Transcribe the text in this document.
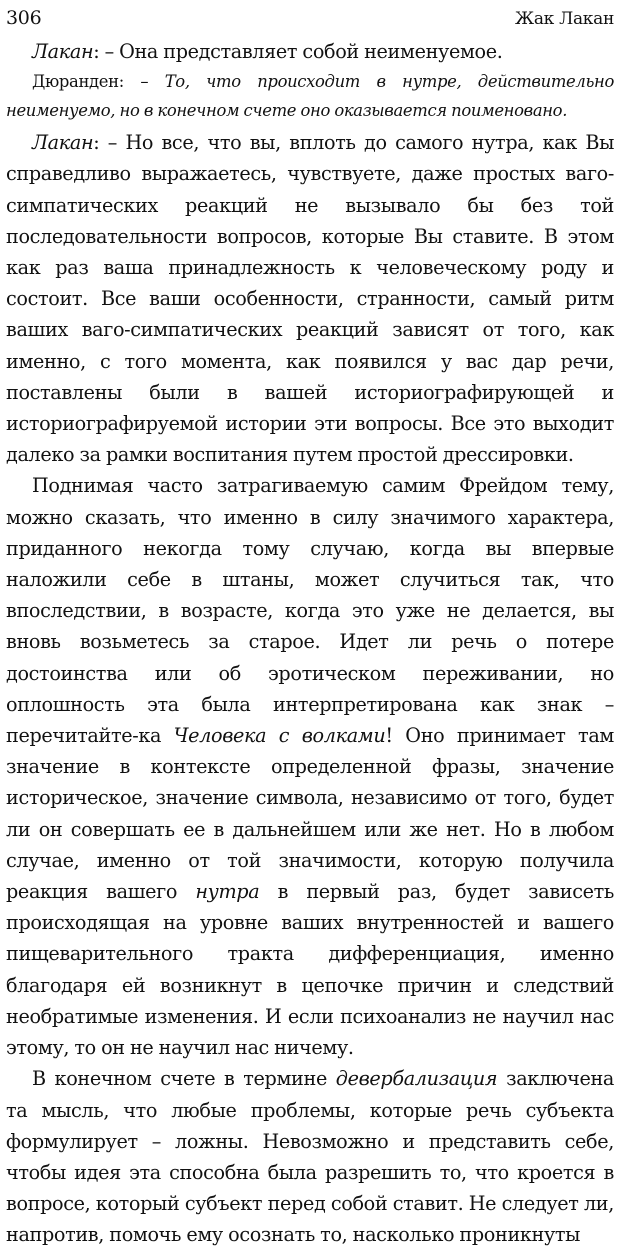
306	Жак Лакан

Лакан: – Она представляет собой неименуемое.

Дюранден: – То, что происходит в нутре, действительно неименуемо, но в конечном счете оно оказывается поименовано.

Лакан: – Но все, что вы, вплоть до самого нутра, как Вы справедливо выражаетесь, чувствуете, даже простых ваго-симпатических реакций не вызывало бы без той последовательности вопросов, которые Вы ставите. В этом как раз ваша принадлежность к человеческому роду и состоит. Все ваши особенности, странности, самый ритм ваших ваго-симпатических реакций зависят от того, как именно, с того момента, как появился у вас дар речи, поставлены были в вашей историографирующей и историографируемой истории эти вопросы. Все это выходит далеко за рамки воспитания путем простой дрессировки.

Поднимая часто затрагиваемую самим Фрейдом тему, можно сказать, что именно в силу значимого характера, приданного некогда тому случаю, когда вы впервые наложили себе в штаны, может случиться так, что впоследствии, в возрасте, когда это уже не делается, вы вновь возьметесь за старое. Идет ли речь о потере достоинства или об эротическом переживании, но оплошность эта была интерпретирована как знак – перечитайте-ка Человека с волками! Оно принимает там значение в контексте определенной фразы, значение историческое, значение символа, независимо от того, будет ли он совершать ее в дальнейшем или же нет. Но в любом случае, именно от той значимости, которую получила реакция вашего нутра в первый раз, будет зависеть происходящая на уровне ваших внутренностей и вашего пищеварительного тракта дифференциация, именно благодаря ей возникнут в цепочке причин и следствий необратимые изменения. И если психоанализ не научил нас этому, то он не научил нас ничему.

В конечном счете в термине девербализация заключена та мысль, что любые проблемы, которые речь субъекта формулирует – ложны. Невозможно и представить себе, чтобы идея эта способна была разрешить то, что кроется в вопросе, который субъект перед собой ставит. Не следует ли, напротив, помочь ему осознать то, насколько проникнуты
